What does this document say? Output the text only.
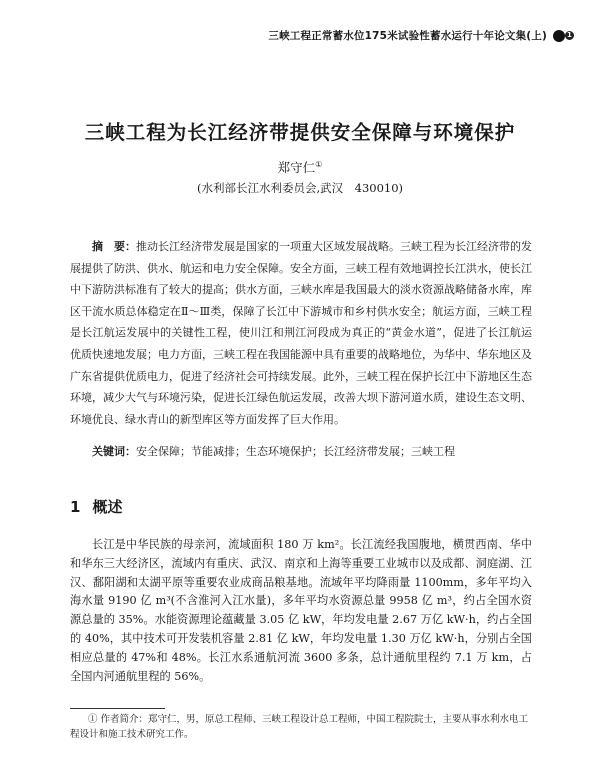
三峡工程正常蓄水位175米试验性蓄水运行十年论文集(上)	1
三峡工程为长江经济带提供安全保障与环境保护
郑守仁①
(水利部长江水利委员会,武汉　430010)
摘　要：推动长江经济带发展是国家的一项重大区域发展战略。三峡工程为长江经济带的发展提供了防洪、供水、航运和电力安全保障。安全方面，三峡工程有效地调控长江洪水，使长江中下游防洪标准有了较大的提高；供水方面，三峡水库是我国最大的淡水资源战略储备水库，库区干流水质总体稳定在Ⅱ～Ⅲ类，保障了长江中下游城市和乡村供水安全；航运方面，三峡工程是长江航运发展中的关键性工程，使川江和荆江河段成为真正的“黄金水道”，促进了长江航运优质快速地发展；电力方面，三峡工程在我国能源中具有重要的战略地位，为华中、华东地区及广东省提供优质电力，促进了经济社会可持续发展。此外，三峡工程在保护长江中下游地区生态环境，减少大气与环境污染，促进长江绿色航运发展，改善大坝下游河道水质，建设生态文明、环境优良、绿水青山的新型库区等方面发挥了巨大作用。
关键词：安全保障；节能减排；生态环境保护；长江经济带发展；三峡工程
1 概述
长江是中华民族的母亲河，流域面积 180 万 km²。长江流经我国腹地，横贯西南、华中和华东三大经济区，流域内有重庆、武汉、南京和上海等重要工业城市以及成都、洞庭湖、江汉、鄱阳湖和太湖平原等重要农业成商品粮基地。流域年平均降雨量 1100mm，多年平均入海水量 9190 亿 m³(不含淮河入江水量)，多年平均水资源总量 9958 亿 m³，约占全国水资源总量的 35%。水能资源理论蕴藏量 3.05 亿 kW，年均发电量 2.67 万亿 kW·h，约占全国的 40%，其中技术可开发装机容量 2.81 亿 kW，年均发电量 1.30 万亿 kW·h，分别占全国相应总量的 47%和 48%。长江水系通航河流 3600 多条，总计通航里程约 7.1 万 km，占全国内河通航里程的 56%。
① 作者简介：郑守仁，男，原总工程师、三峡工程设计总工程师，中国工程院院士，主要从事水利水电工程设计和施工技术研究工作。
